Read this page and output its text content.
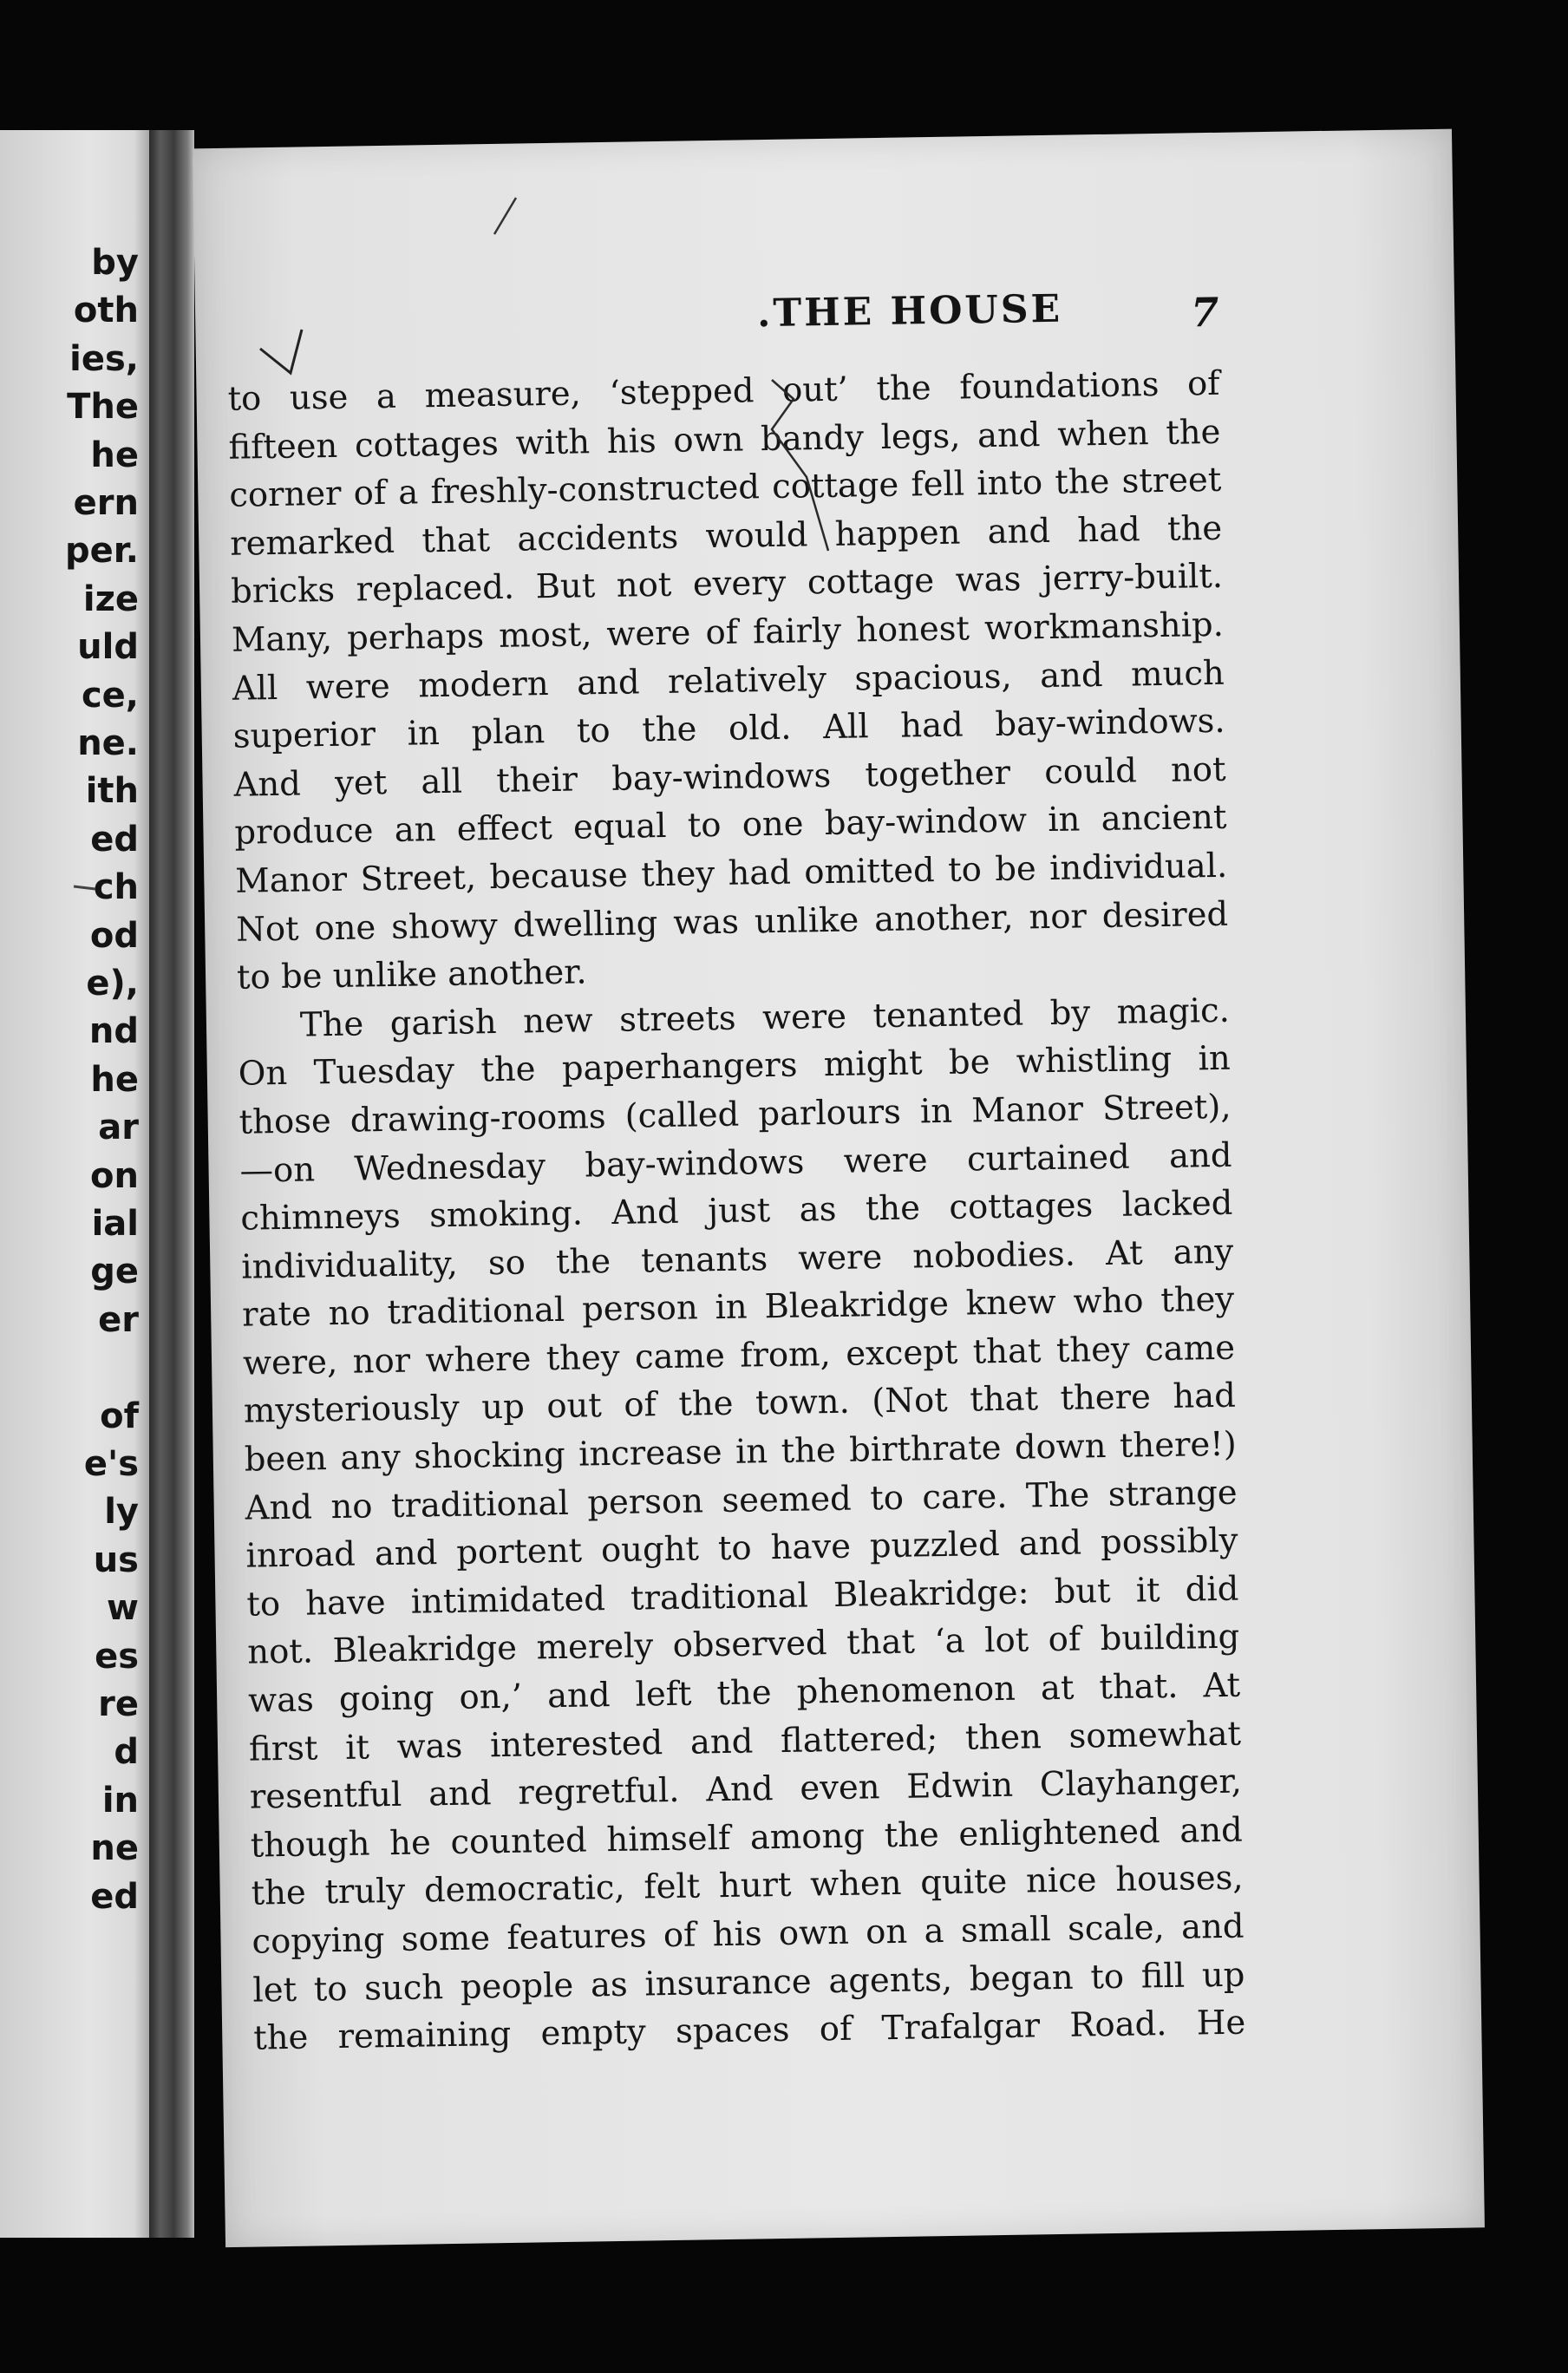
by
oth
ies,
The
he
ern
per.
ize
uld
ce,
ne.
ith
ed
ch
od
e),
nd
he
ar
on
ial
ge
er
of
e's
ly
us
w
es
re
d
in
ne
ed
.THE HOUSE	7
to use a measure, ‘stepped out’ the foundations of
fifteen cottages with his own bandy legs, and when the
corner of a freshly-constructed cottage fell into the street
remarked that accidents would happen and had the
bricks replaced. But not every cottage was jerry-built.
Many, perhaps most, were of fairly honest workmanship.
All were modern and relatively spacious, and much
superior in plan to the old. All had bay-windows.
And yet all their bay-windows together could not
produce an effect equal to one bay-window in ancient
Manor Street, because they had omitted to be individual.
Not one showy dwelling was unlike another, nor desired
to be unlike another.
The garish new streets were tenanted by magic.
On Tuesday the paperhangers might be whistling in
those drawing-rooms (called parlours in Manor Street),
—on Wednesday bay-windows were curtained and
chimneys smoking. And just as the cottages lacked
individuality, so the tenants were nobodies. At any
rate no traditional person in Bleakridge knew who they
were, nor where they came from, except that they came
mysteriously up out of the town. (Not that there had
been any shocking increase in the birthrate down there!)
And no traditional person seemed to care. The strange
inroad and portent ought to have puzzled and possibly
to have intimidated traditional Bleakridge: but it did
not. Bleakridge merely observed that ‘a lot of building
was going on,’ and left the phenomenon at that. At
first it was interested and flattered; then somewhat
resentful and regretful. And even Edwin Clayhanger,
though he counted himself among the enlightened and
the truly democratic, felt hurt when quite nice houses,
copying some features of his own on a small scale, and
let to such people as insurance agents, began to fill up
the remaining empty spaces of Trafalgar Road. He
